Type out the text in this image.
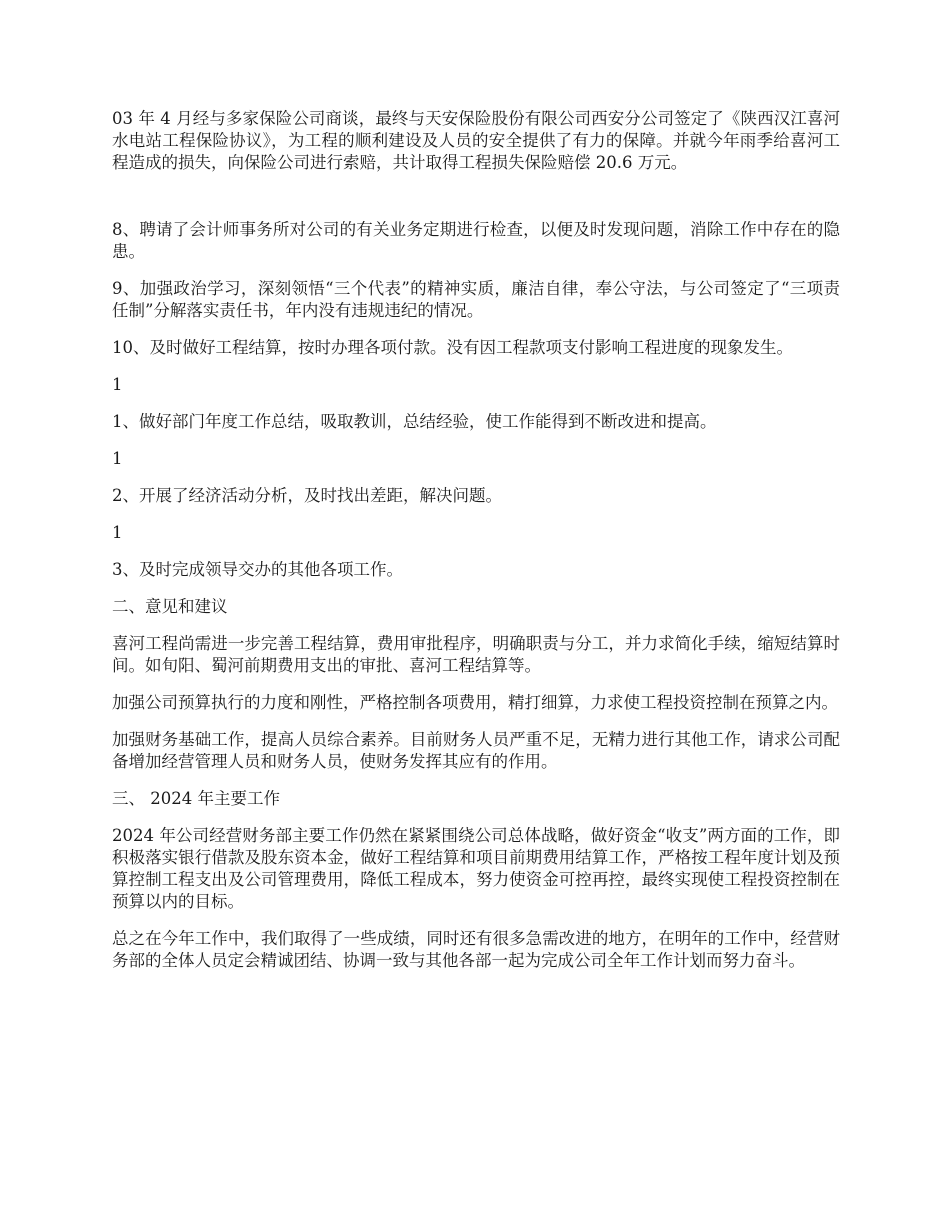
03 年 4 月经与多家保险公司商谈，最终与天安保险股份有限公司西安分公司签定了《陕西汉江喜河水电站工程保险协议》，为工程的顺利建设及人员的安全提供了有力的保障。并就今年雨季给喜河工程造成的损失，向保险公司进行索赔，共计取得工程损失保险赔偿 20.6 万元。

8、聘请了会计师事务所对公司的有关业务定期进行检查，以便及时发现问题，消除工作中存在的隐患。

9、加强政治学习，深刻领悟“三个代表”的精神实质，廉洁自律，奉公守法，与公司签定了“三项责任制”分解落实责任书，年内没有违规违纪的情况。

10、及时做好工程结算，按时办理各项付款。没有因工程款项支付影响工程进度的现象发生。

1

1、做好部门年度工作总结，吸取教训，总结经验，使工作能得到不断改进和提高。

1

2、开展了经济活动分析，及时找出差距，解决问题。

1

3、及时完成领导交办的其他各项工作。

二、意见和建议

喜河工程尚需进一步完善工程结算，费用审批程序，明确职责与分工，并力求简化手续，缩短结算时间。如旬阳、蜀河前期费用支出的审批、喜河工程结算等。

加强公司预算执行的力度和刚性，严格控制各项费用，精打细算，力求使工程投资控制在预算之内。

加强财务基础工作，提高人员综合素养。目前财务人员严重不足，无精力进行其他工作，请求公司配备增加经营管理人员和财务人员，使财务发挥其应有的作用。

三、 2024 年主要工作

2024 年公司经营财务部主要工作仍然在紧紧围绕公司总体战略，做好资金“收支”两方面的工作，即积极落实银行借款及股东资本金，做好工程结算和项目前期费用结算工作，严格按工程年度计划及预算控制工程支出及公司管理费用，降低工程成本，努力使资金可控再控，最终实现使工程投资控制在预算以内的目标。

总之在今年工作中，我们取得了一些成绩，同时还有很多急需改进的地方，在明年的工作中，经营财务部的全体人员定会精诚团结、协调一致与其他各部一起为完成公司全年工作计划而努力奋斗。
